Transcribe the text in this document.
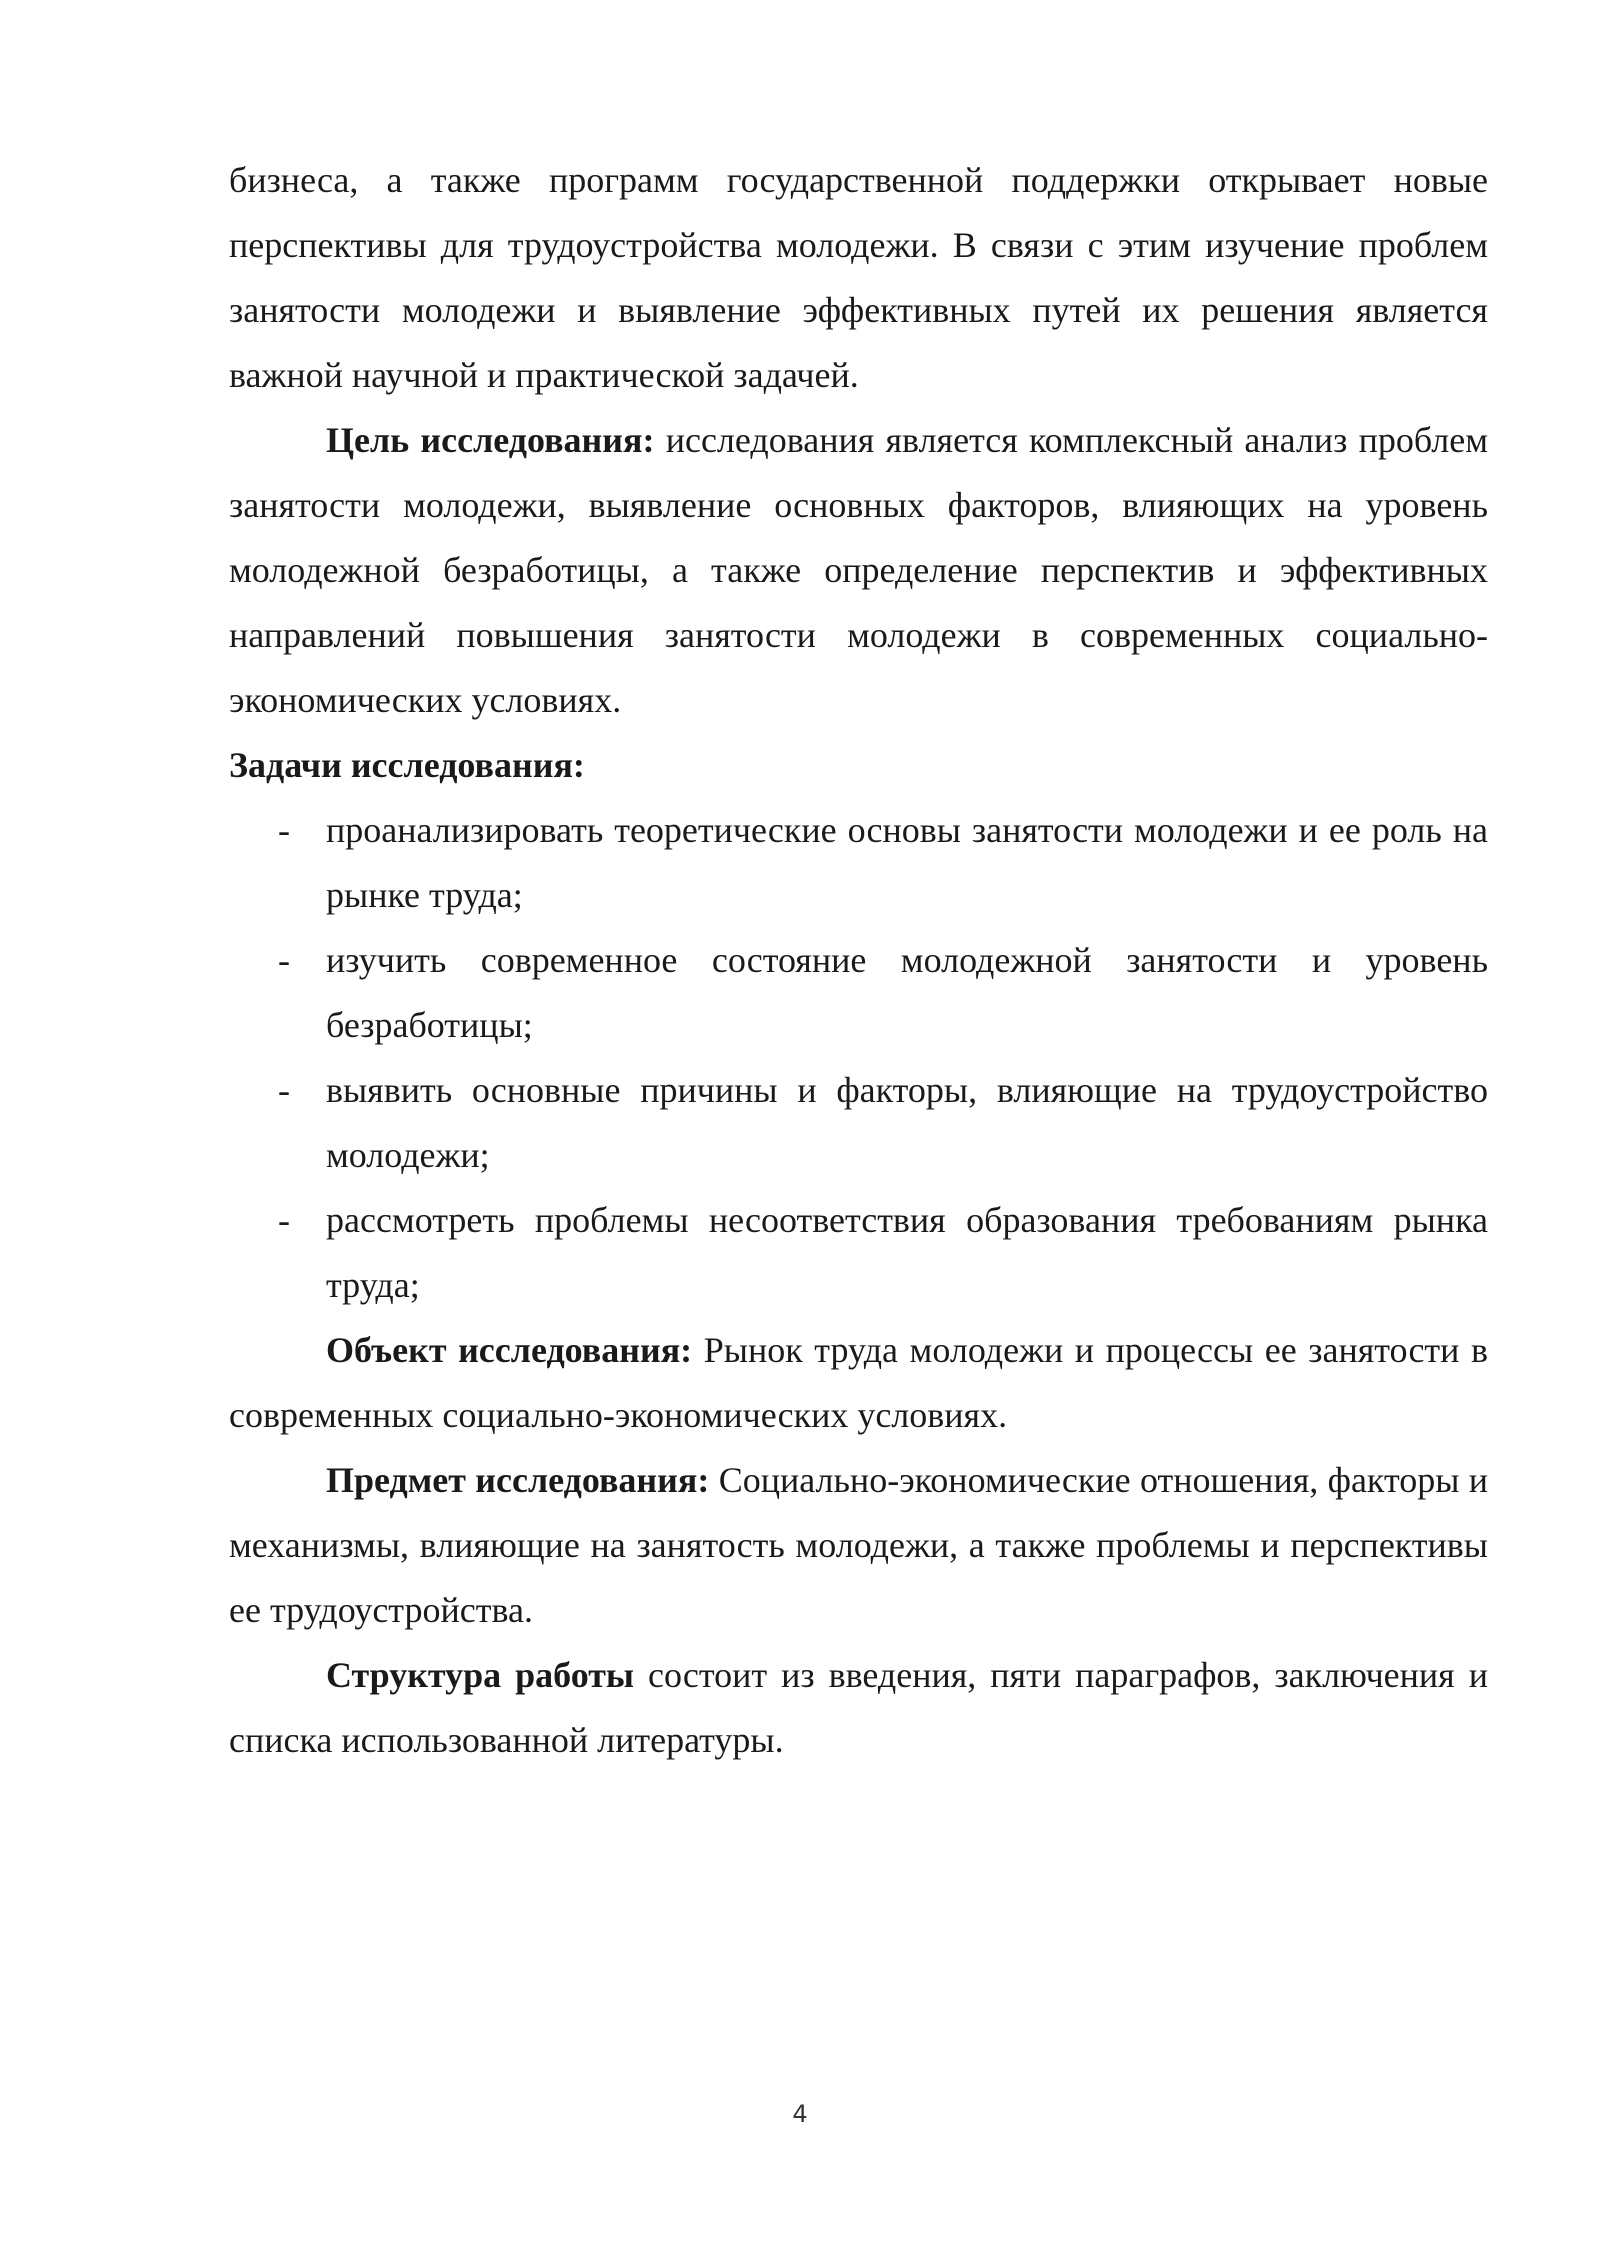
бизнеса, а также программ государственной поддержки открывает новые перспективы для трудоустройства молодежи. В связи с этим изучение проблем занятости молодежи и выявление эффективных путей их решения является важной научной и практической задачей.

Цель исследования: исследования является комплексный анализ проблем занятости молодежи, выявление основных факторов, влияющих на уровень молодежной безработицы, а также определение перспектив и эффективных направлений повышения занятости молодежи в современных социально-экономических условиях.

Задачи исследования:

- проанализировать теоретические основы занятости молодежи и ее роль на рынке труда;
- изучить современное состояние молодежной занятости и уровень безработицы;
- выявить основные причины и факторы, влияющие на трудоустройство молодежи;
- рассмотреть проблемы несоответствия образования требованиям рынка труда;

Объект исследования: Рынок труда молодежи и процессы ее занятости в современных социально-экономических условиях.

Предмет исследования: Социально-экономические отношения, факторы и механизмы, влияющие на занятость молодежи, а также проблемы и перспективы ее трудоустройства.

Структура работы состоит из введения, пяти параграфов, заключения и списка использованной литературы.

4
